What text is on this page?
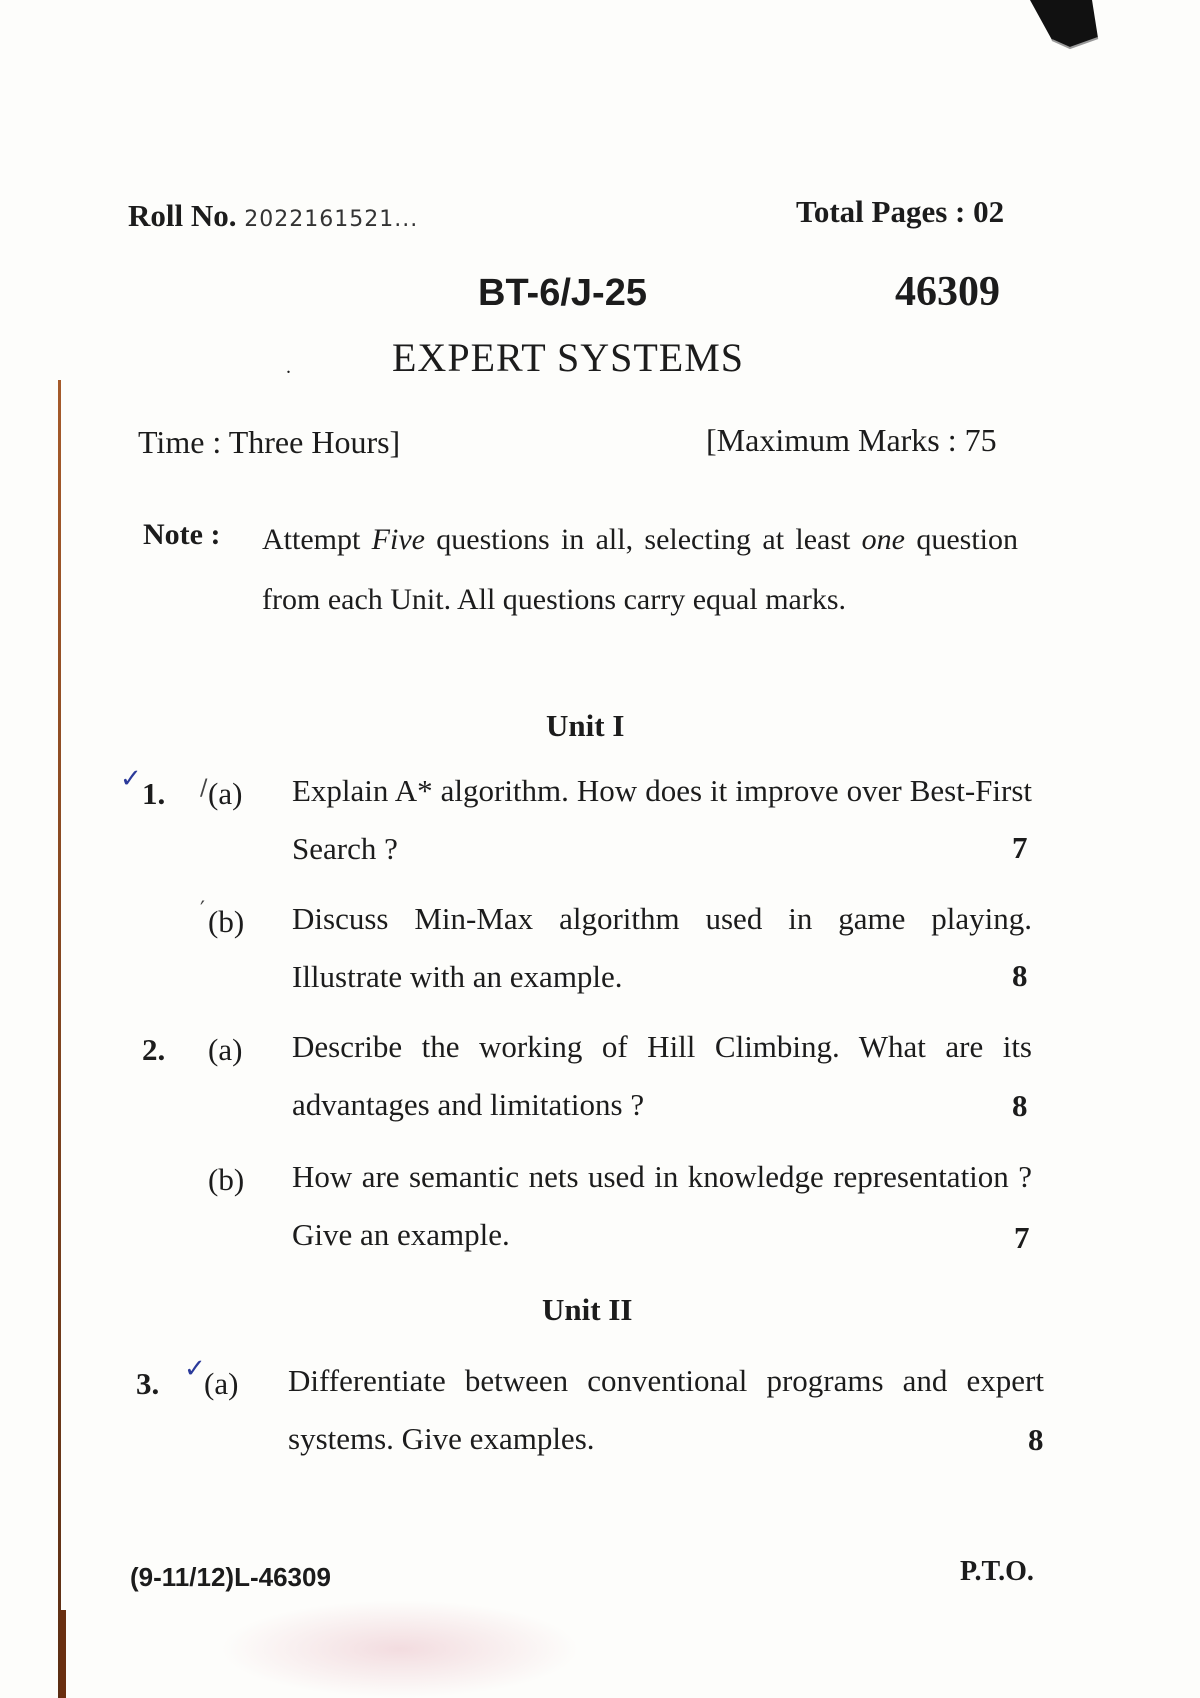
Roll No. 2022161521...	Total Pages : 02
BT-6/J-25	46309
.	EXPERT SYSTEMS
Time : Three Hours]	[Maximum Marks : 75
Note : Attempt Five questions in all, selecting at least one question from each Unit. All questions carry equal marks.
Unit I
✓ 1. / (a) Explain A* algorithm. How does it improve over Best-First Search ?	7
′ (b) Discuss Min-Max algorithm used in game playing. Illustrate with an example.	8
2. (a) Describe the working of Hill Climbing. What are its advantages and limitations ?	8
(b) How are semantic nets used in knowledge representation ? Give an example.	7
Unit II
3. ✓
(a) Differentiate between conventional programs and expert systems. Give examples.	8
(9-11/12)L-46309	P.T.O.
